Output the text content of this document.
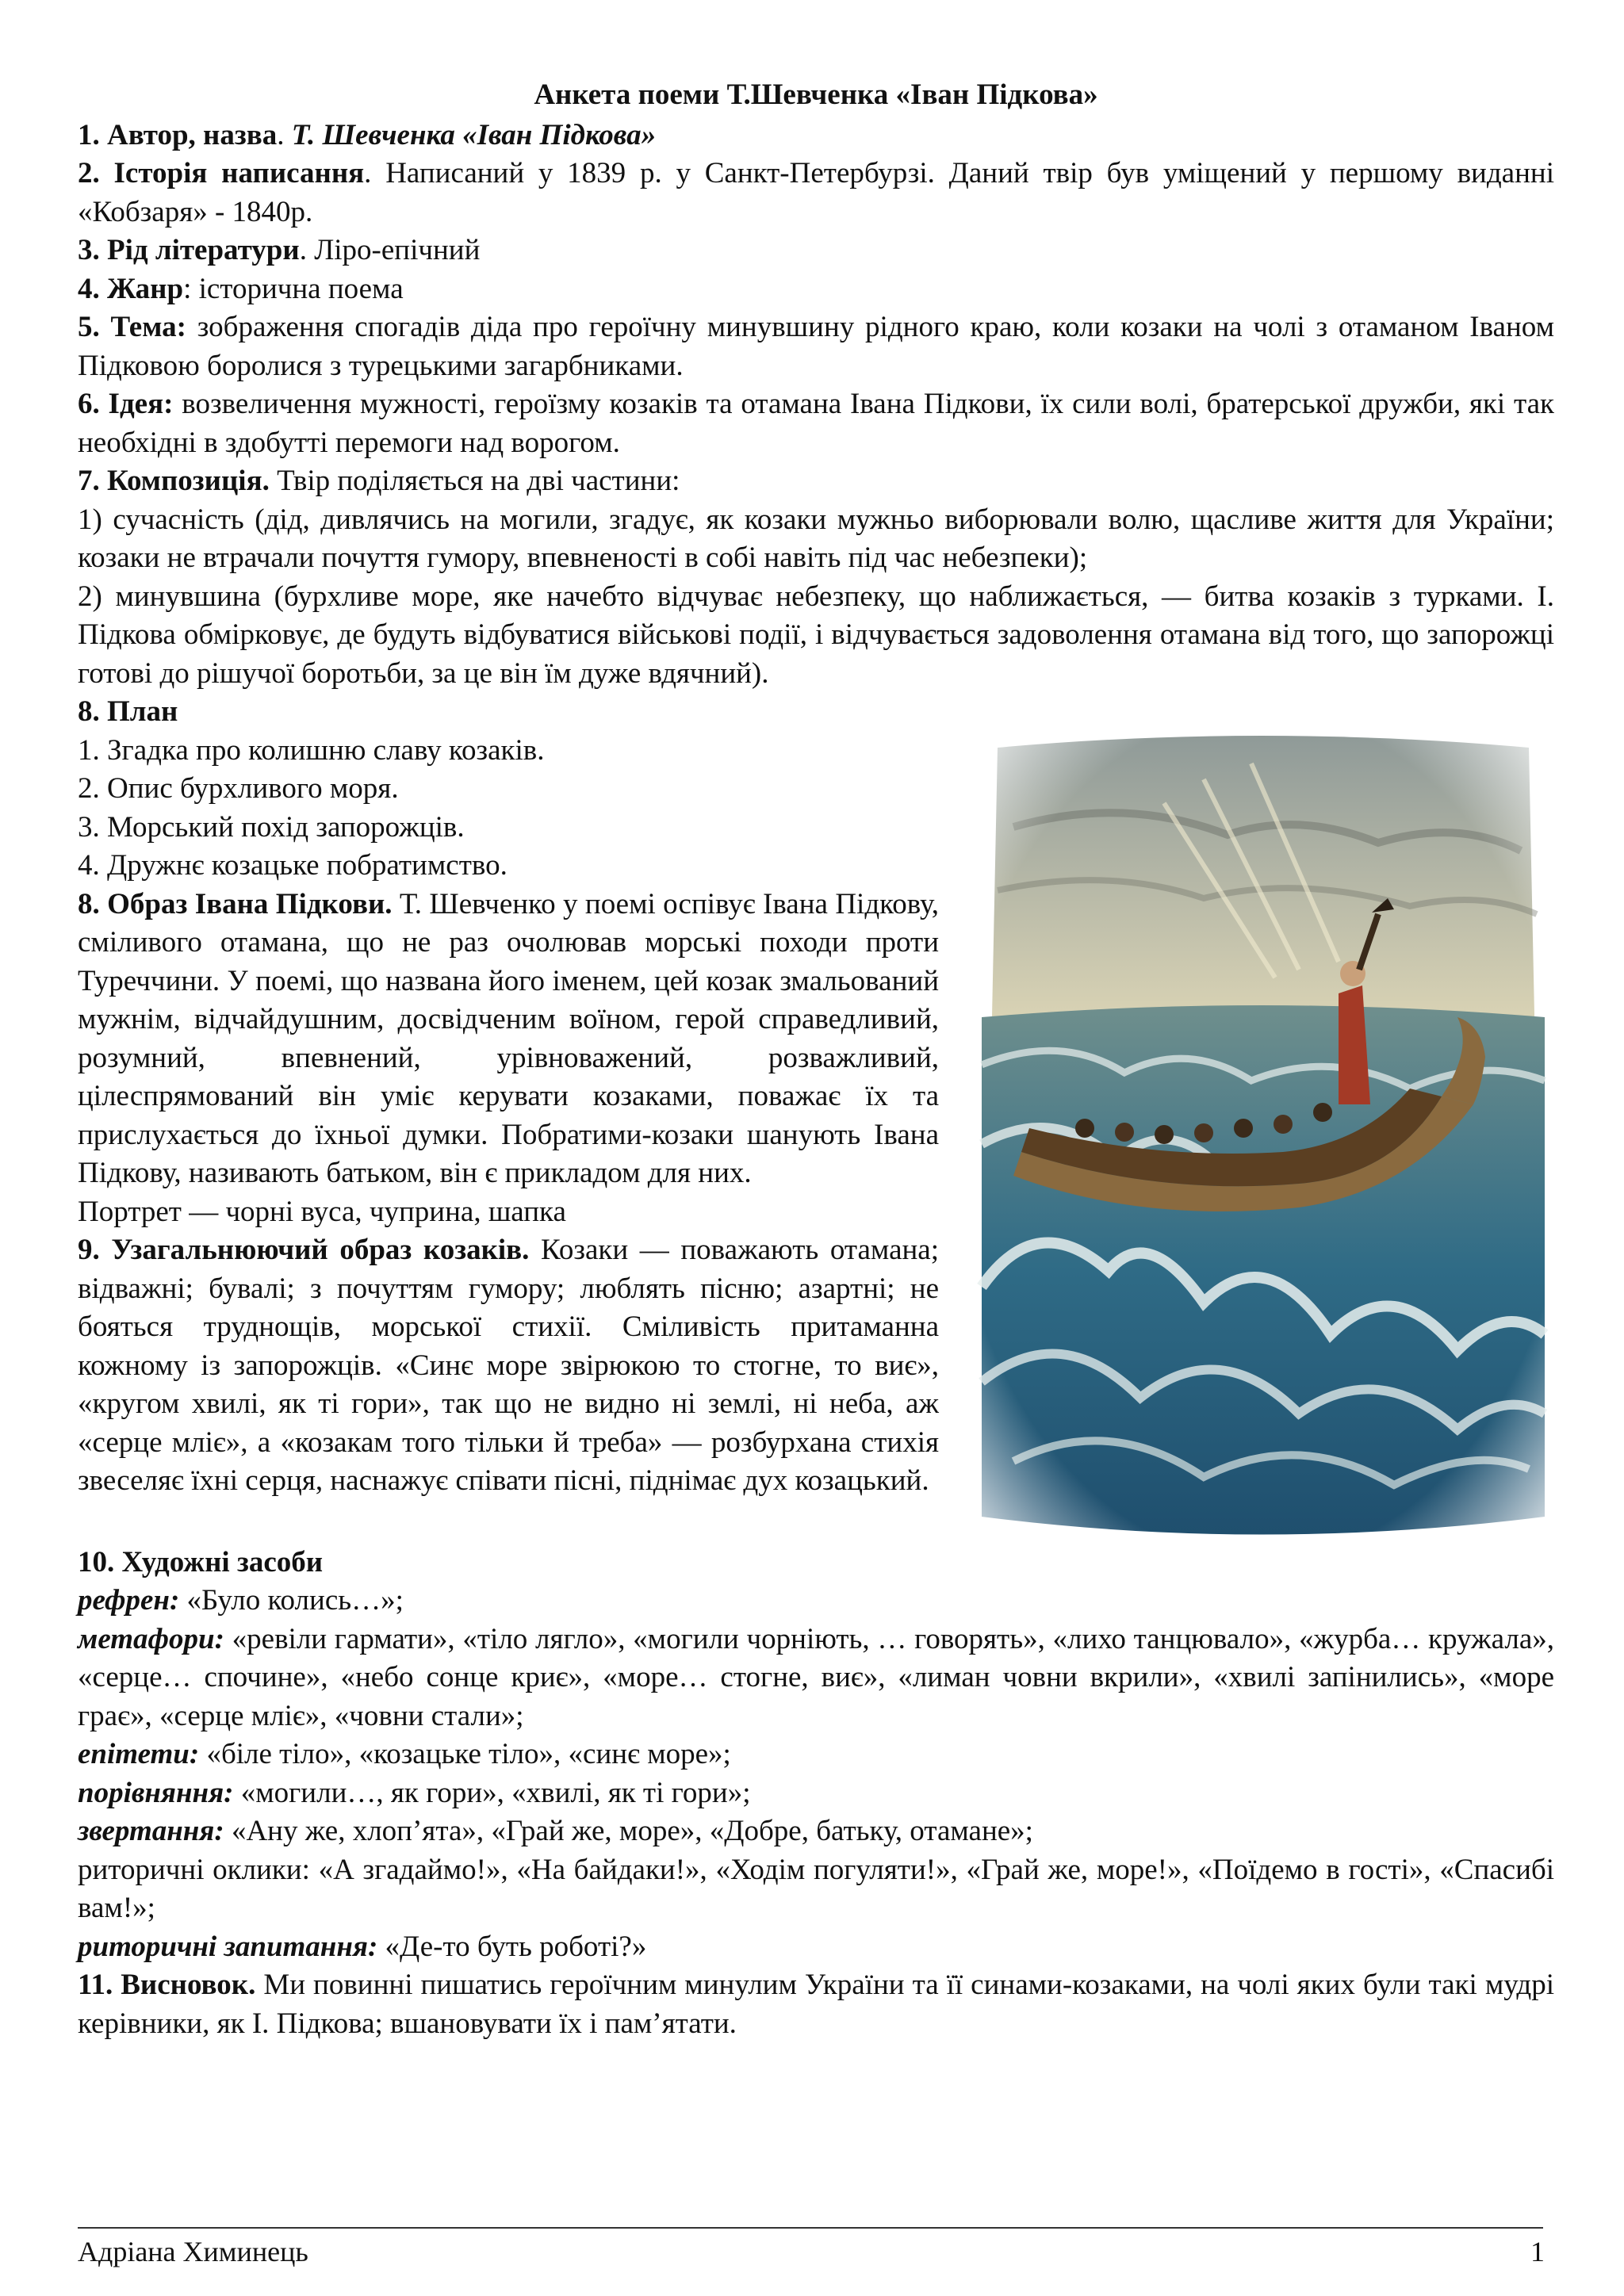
Анкета поеми Т.Шевченка «Іван Підкова»

1. Автор, назва. Т. Шевченка «Іван Підкова»

2. Історія написання. Написаний у 1839 р. у Санкт-Петербурзі. Даний твір був уміщений у першому виданні «Кобзаря» - 1840р.

3. Рід літератури. Ліро-епічний

4. Жанр: історична поема

5. Тема: зображення спогадів діда про героїчну минувшину рідного краю, коли козаки на чолі з отаманом Іваном Підковою боролися з турецькими загарбниками.

6. Ідея: возвеличення мужності, героїзму козаків та отамана Івана Підкови, їх сили волі, братерської дружби, які так необхідні в здобутті перемоги над ворогом.

7. Композиція. Твір поділяється на дві частини:

1) сучасність (дід, дивлячись на могили, згадує, як козаки мужньо виборювали волю, щасливе життя для України; козаки не втрачали почуття гумору, впевненості в собі навіть під час небезпеки);

2) минувшина (бурхливе море, яке начебто відчуває небезпеку, що наближається, — битва козаків з турками. І. Підкова обмірковує, де будуть відбуватися військові події, і відчувається задоволення отамана від того, що запорожці готові до рішучої боротьби, за це він їм дуже вдячний).

8. План

1. Згадка про колишню славу козаків.

2. Опис бурхливого моря.

3. Морський похід запорожців.

4. Дружнє козацьке побратимство.

8. Образ Івана Підкови. Т. Шевченко у поемі оспівує Івана Підкову, сміливого отамана, що не раз очолював морські походи проти Туреччини. У поемі, що названа його іменем, цей козак змальований мужнім, відчайдушним, досвідченим воїном, герой справедливий, розумний, впевнений, урівноважений, розважливий, цілеспрямований він уміє керувати козаками, поважає їх та прислухається до їхньої думки. Побратими-козаки шанують Івана Підкову, називають батьком, він є прикладом для них.

Портрет — чорні вуса, чуприна, шапка

9. Узагальнюючий образ козаків. Козаки — поважають отамана; відважні; бувалі; з почуттям гумору; люблять пісню; азартні; не бояться труднощів, морської стихії. Сміливість притаманна кожному із запорожців. «Синє море звірюкою то стогне, то виє», «кругом хвилі, як ті гори», так що не видно ні землі, ні неба, аж «серце мліє», а «козакам того тільки й треба» — розбурхана стихія звеселяє їхні серця, наснажує співати пісні, піднімає дух козацький.

10. Художні засоби

рефрен: «Було колись…»;

метафори: «ревіли гармати», «тіло лягло», «могили чорніють, … говорять», «лихо танцювало», «журба… кружала», «серце… спочине», «небо сонце криє», «море… стогне, виє», «лиман човни вкрили», «хвилі запінились», «море грає», «серце мліє», «човни стали»;

епітети: «біле тіло», «козацьке тіло», «синє море»;

порівняння: «могили…, як гори», «хвилі, як ті гори»;

звертання: «Ану же, хлоп’ята», «Грай же, море», «Добре, батьку, отамане»;

риторичні оклики: «А згадаймо!», «На байдаки!», «Ходім погуляти!», «Грай же, море!», «Поїдемо в гості», «Спасибі вам!»;

риторичні запитання: «Де-то буть роботі?»

11. Висновок. Ми повинні пишатись героїчним минулим України та її синами-козаками, на чолі яких були такі мудрі керівники, як І. Підкова; вшановувати їх і пам’ятати.

Адріана Химинець	1
